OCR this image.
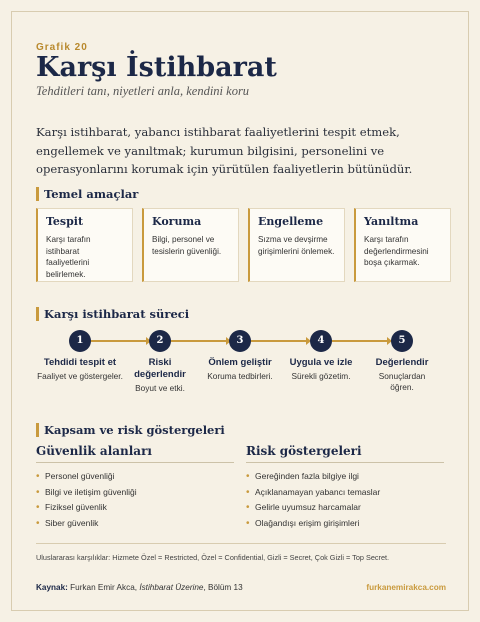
Grafik 20
Karşı İstihbarat
Tehditleri tanı, niyetleri anla, kendini koru
Karşı istihbarat, yabancı istihbarat faaliyetlerini tespit etmek, engellemek ve yanıltmak; kurumun bilgisini, personelini ve operasyonlarını korumak için yürütülen faaliyetlerin bütünüdür.
Temel amaçlar
Tespit
Karşı tarafın istihbarat faaliyetlerini belirlemek.
Koruma
Bilgi, personel ve tesislerin güvenliği.
Engelleme
Sızma ve devşirme girişimlerini önlemek.
Yanıltma
Karşı tarafın değerlendirmesini boşa çıkarmak.
Karşı istihbarat süreci
1
Tehdidi tespit et
Faaliyet ve göstergeler.
2
Riski değerlendir
Boyut ve etki.
3
Önlem geliştir
Koruma tedbirleri.
4
Uygula ve izle
Sürekli gözetim.
5
Değerlendir
Sonuçlardan öğren.
Kapsam ve risk göstergeleri
Güvenlik alanları
• Personel güvenliği
• Bilgi ve iletişim güvenliği
• Fiziksel güvenlik
• Siber güvenlik
Risk göstergeleri
• Gereğinden fazla bilgiye ilgi
• Açıklanamayan yabancı temaslar
• Gelirle uyumsuz harcamalar
• Olağandışı erişim girişimleri
Uluslararası karşılıklar: Hizmete Özel = Restricted, Özel = Confidential, Gizli = Secret, Çok Gizli = Top Secret.
Kaynak: Furkan Emir Akca, İstihbarat Üzerine, Bölüm 13	furkanemirakca.com
